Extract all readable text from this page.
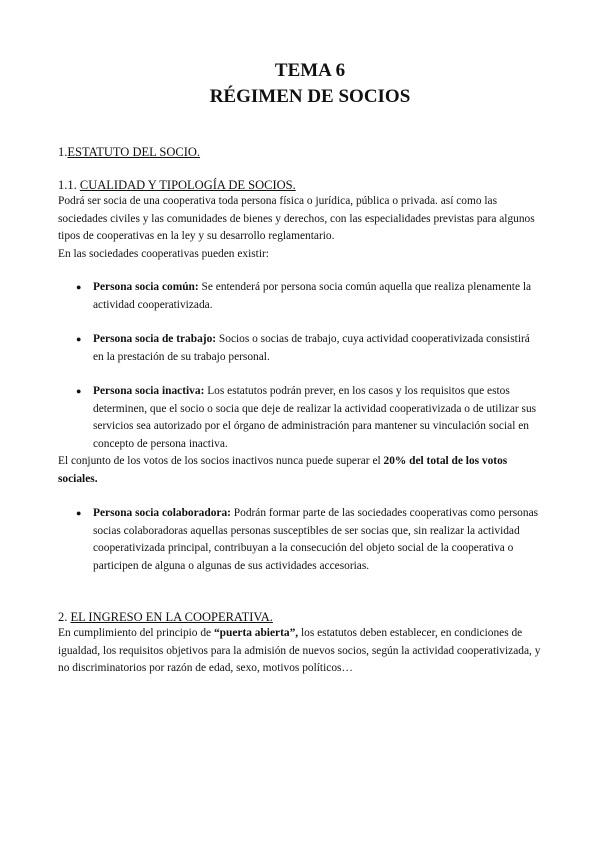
TEMA 6
RÉGIMEN DE SOCIOS
1.ESTATUTO DEL SOCIO.
1.1. CUALIDAD Y TIPOLOGÍA DE SOCIOS.

Podrá ser socia de una cooperativa toda persona física o jurídica, pública o privada. así como las sociedades civiles y las comunidades de bienes y derechos, con las especialidades previstas para algunos tipos de cooperativas en la ley y su desarrollo reglamentario.

En las sociedades cooperativas pueden existir:

● Persona socia común: Se entenderá por persona socia común aquella que realiza plenamente la actividad cooperativizada.
● Persona socia de trabajo: Socios o socias de trabajo, cuya actividad cooperativizada consistirá en la prestación de su trabajo personal.
● Persona socia inactiva: Los estatutos podrán prever, en los casos y los requisitos que estos determinen, que el socio o socia que deje de realizar la actividad cooperativizada o de utilizar sus servicios sea autorizado por el órgano de administración para mantener su vinculación social en concepto de persona inactiva.

El conjunto de los votos de los socios inactivos nunca puede superar el 20% del total de los votos sociales.

● Persona socia colaboradora: Podrán formar parte de las sociedades cooperativas como personas socias colaboradoras aquellas personas susceptibles de ser socias que, sin realizar la actividad cooperativizada principal, contribuyan a la consecución del objeto social de la cooperativa o participen de alguna o algunas de sus actividades accesorias.
2. EL INGRESO EN LA COOPERATIVA.

En cumplimiento del principio de “puerta abierta”, los estatutos deben establecer, en condiciones de igualdad, los requisitos objetivos para la admisión de nuevos socios, según la actividad cooperativizada, y no discriminatorios por razón de edad, sexo, motivos políticos…
